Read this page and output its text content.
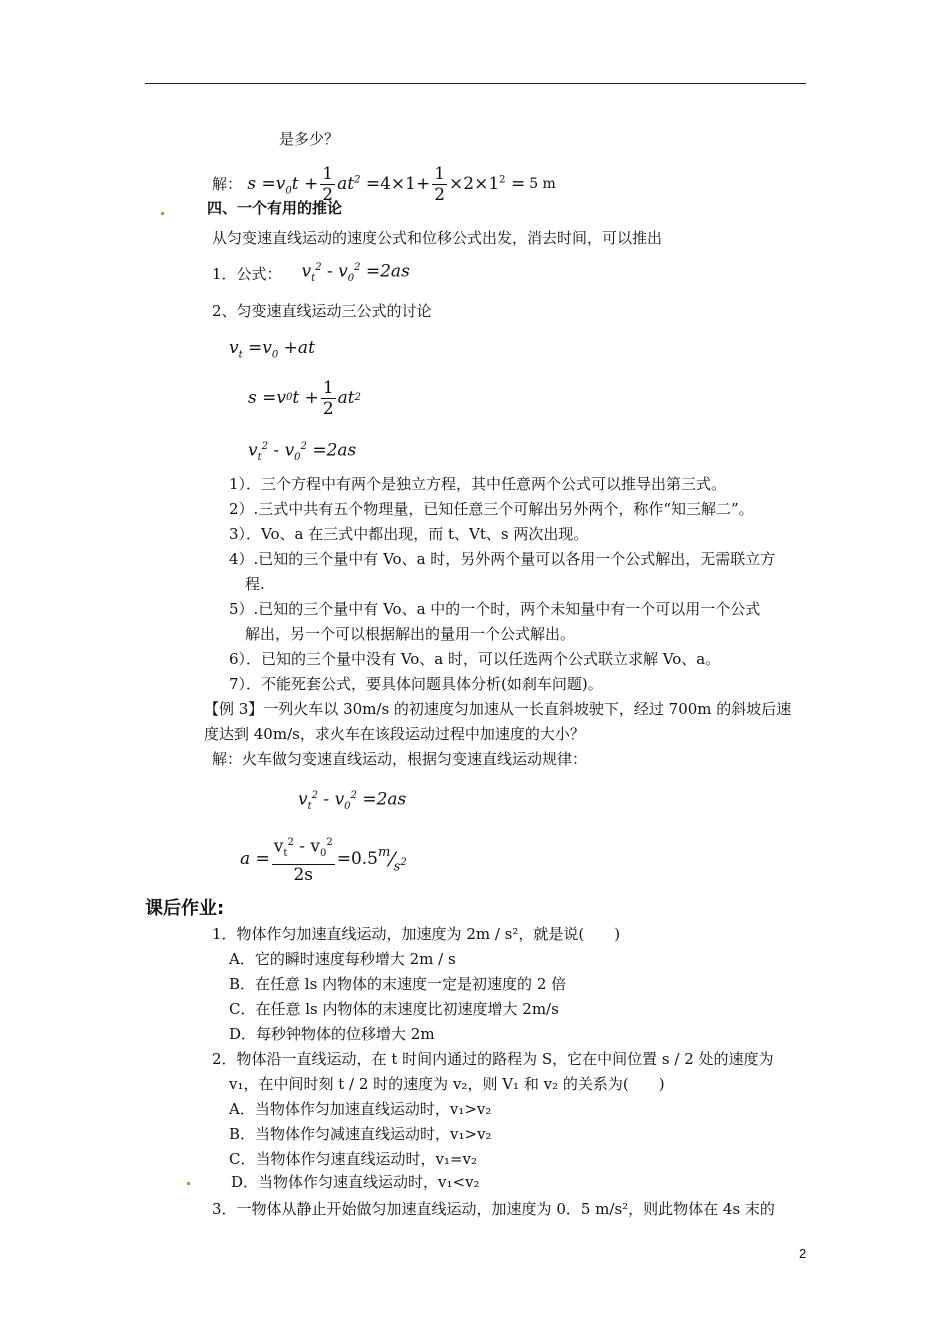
是多少？
解： $s =v_0t + \frac{1}{2} at^2 =4\times 1+ \frac{1}{2} \times 2\times 1^2 = 5$ m
四、一个有用的推论
从匀变速直线运动的速度公式和位移公式出发，消去时间，可以推出
1．公式： $v_t^2 - v_0^2 =2as$
2、匀变速直线运动三公式的讨论
$v_t =v_0 +at$
s =v 0 $t + \frac{1}{2}$ at 2
$v_t^2 - v_0^2 =2as$
1）．三个方程中有两个是独立方程，其中任意两个公式可以推导出第三式。
2）.三式中共有五个物理量，已知任意三个可解出另外两个，称作“知三解二”。
3）．Vo、a 在三式中都出现，而 t、Vt、s 两次出现。
4）.已知的三个量中有 Vo、a 时，另外两个量可以各用一个公式解出，无需联立方
程.
5）.已知的三个量中有 Vo、a 中的一个时，两个未知量中有一个可以用一个公式
解出，另一个可以根据解出的量用一个公式解出。
6）．已知的三个量中没有 Vo、a 时，可以任选两个公式联立求解 Vo、a。
7）．不能死套公式，要具体问题具体分析(如刹车问题)。
【例 3】一列火车以 30m/s 的初速度匀加速从一长直斜坡驶下，经过 700m 的斜坡后速
度达到 40m/s，求火车在该段运动过程中加速度的大小？
解：火车做匀变速直线运动，根据匀变速直线运动规律：
$v_t^2 - v_0^2 =2as$
$a = \frac{v_t^2 - v_0^2}{2s} =0.5$ m ⁄ $s^2$
课后作业:
1．物体作匀加速直线运动，加速度为 2m / s²，就是说(　　)
A．它的瞬时速度每秒增大 2m / s
B．在任意 ls 内物体的末速度一定是初速度的 2 倍
C．在任意 ls 内物体的末速度比初速度增大 2m/s
D．每秒钟物体的位移增大 2m
2．物体沿一直线运动，在 t 时间内通过的路程为 S，它在中间位置 s / 2 处的速度为
v₁，在中间时刻 t / 2 时的速度为 v₂，则 V₁ 和 v₂ 的关系为(　　)
A．当物体作匀加速直线运动时，v₁>v₂
B．当物体作匀减速直线运动时，v₁>v₂
C．当物体作匀速直线运动时，v₁=v₂
D．当物体作匀速直线运动时，v₁<v₂
3．一物体从静止开始做匀加速直线运动，加速度为 0．5 m/s²，则此物体在 4s 末的
2
